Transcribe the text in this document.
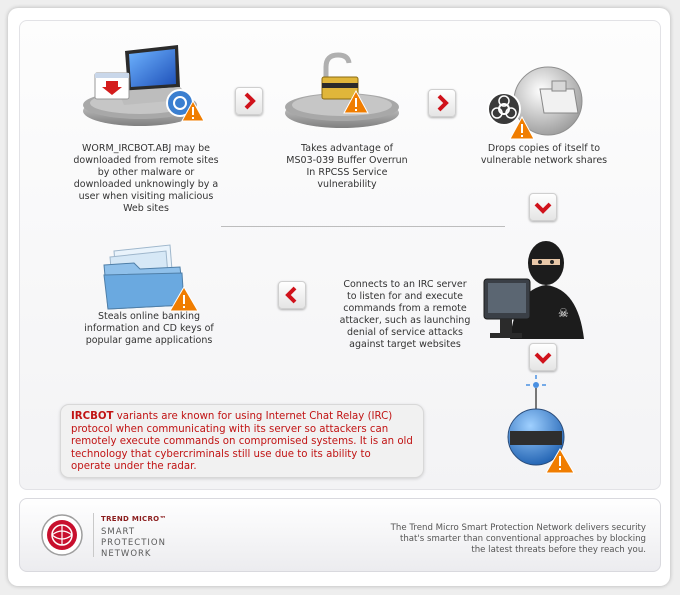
WORM_IRCBOT.ABJ may be downloaded from remote sites by other malware or downloaded unknowingly by a user when visiting malicious Web sites
Takes advantage of MS03-039 Buffer Overrun In RPCSS Service vulnerability
Drops copies of itself to vulnerable network shares
☠
Connects to an IRC server to listen for and execute commands from a remote attacker, such as launching denial of service attacks against target websites
Steals online banking information and CD keys of popular game applications
IRCBOT variants are known for using Internet Chat Relay (IRC) protocol when communicating with its server so attackers can remotely execute commands on compromised systems. It is an old technology that cybercriminals still use due to its ability to operate under the radar.
TREND MICRO™
SMART
PROTECTION
NETWORK
The Trend Micro Smart Protection Network delivers security that's smarter than conventional approaches by blocking the latest threats before they reach you.
